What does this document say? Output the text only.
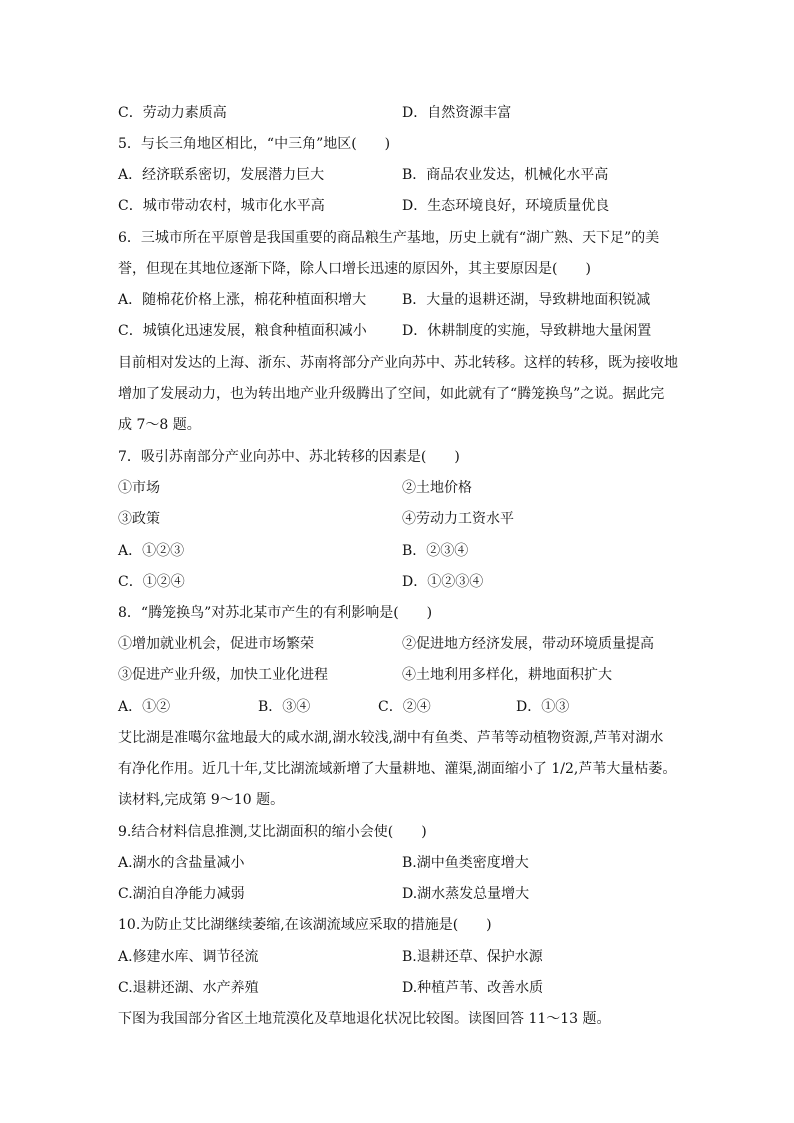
C．劳动力素质高	D．自然资源丰富
5．与长三角地区相比，“中三角”地区(　　)
A．经济联系密切，发展潜力巨大	B．商品农业发达，机械化水平高
C．城市带动农村，城市化水平高	D．生态环境良好，环境质量优良
6．三城市所在平原曾是我国重要的商品粮生产基地，历史上就有“湖广熟、天下足”的美
誉，但现在其地位逐渐下降，除人口增长迅速的原因外，其主要原因是(　　)
A．随棉花价格上涨，棉花种植面积增大	B．大量的退耕还湖，导致耕地面积锐减
C．城镇化迅速发展，粮食种植面积减小	D．休耕制度的实施，导致耕地大量闲置
目前相对发达的上海、浙东、苏南将部分产业向苏中、苏北转移。这样的转移，既为接收地
增加了发展动力，也为转出地产业升级腾出了空间，如此就有了“腾笼换鸟”之说。据此完
成 7～8 题。
7．吸引苏南部分产业向苏中、苏北转移的因素是(　　)
①市场	②土地价格
③政策	④劳动力工资水平
A．①②③	B．②③④
C．①②④	D．①②③④
8．“腾笼换鸟”对苏北某市产生的有利影响是(　　)
①增加就业机会，促进市场繁荣	②促进地方经济发展，带动环境质量提高
③促进产业升级，加快工业化进程	④土地利用多样化，耕地面积扩大
A．①②	B．③④	C．②④	D．①③
艾比湖是准噶尔盆地最大的咸水湖,湖水较浅,湖中有鱼类、芦苇等动植物资源,芦苇对湖水
有净化作用。近几十年,艾比湖流域新增了大量耕地、灌渠,湖面缩小了 1/2,芦苇大量枯萎。
读材料,完成第 9～10 题。
9.结合材料信息推测,艾比湖面积的缩小会使(　　)
A.湖水的含盐量减小	B.湖中鱼类密度增大
C.湖泊自净能力减弱	D.湖水蒸发总量增大
10.为防止艾比湖继续萎缩,在该湖流域应采取的措施是(　　)
A.修建水库、调节径流	B.退耕还草、保护水源
C.退耕还湖、水产养殖	D.种植芦苇、改善水质
下图为我国部分省区土地荒漠化及草地退化状况比较图。读图回答 11～13 题。
